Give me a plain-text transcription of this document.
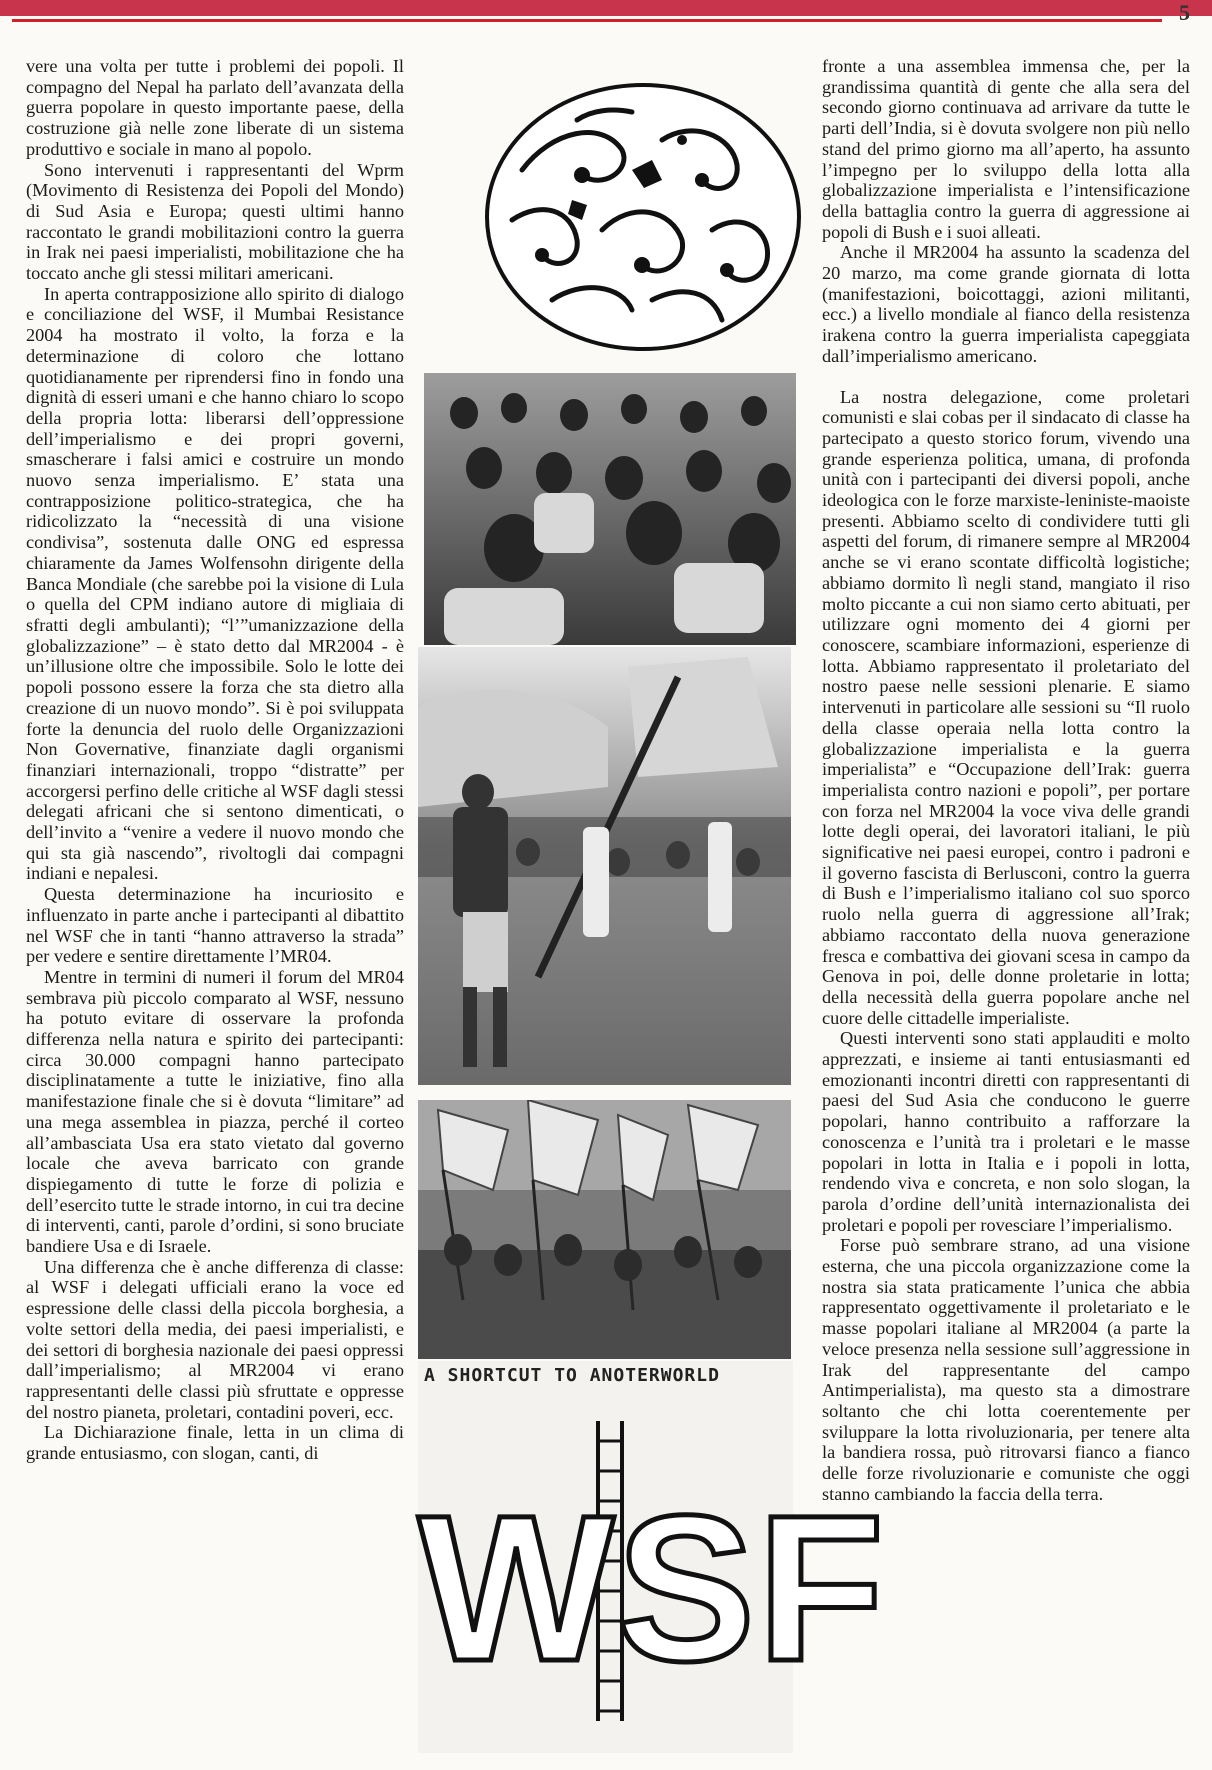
5

vere una volta per tutte i problemi dei popoli. Il compagno del Nepal ha parlato dell’avanzata della guerra popolare in questo importante paese, della costruzione già nelle zone liberate di un sistema produttivo e sociale in mano al popolo.

Sono intervenuti i rappresentanti del Wprm (Movimento di Resistenza dei Popoli del Mondo) di Sud Asia e Europa; questi ultimi hanno raccontato le grandi mobilitazioni contro la guerra in Irak nei paesi imperialisti, mobilitazione che ha toccato anche gli stessi militari americani.

In aperta contrapposizione allo spirito di dialogo e conciliazione del WSF, il Mumbai Resistance 2004 ha mostrato il volto, la forza e la determinazione di coloro che lottano quotidianamente per riprendersi fino in fondo una dignità di esseri umani e che hanno chiaro lo scopo della propria lotta: liberarsi dell’oppressione dell’imperialismo e dei propri governi, smascherare i falsi amici e costruire un mondo nuovo senza imperialismo. E’ stata una contrapposizione politico-strategica, che ha ridicolizzato la “necessità di una visione condivisa”, sostenuta dalle ONG ed espressa chiaramente da James Wolfensohn dirigente della Banca Mondiale (che sarebbe poi la visione di Lula o quella del CPM indiano autore di migliaia di sfratti degli ambulanti); “l’”umanizzazione della globalizzazione” – è stato detto dal MR2004 - è un’illusione oltre che impossibile. Solo le lotte dei popoli possono essere la forza che sta dietro alla creazione di un nuovo mondo”. Si è poi sviluppata forte la denuncia del ruolo delle Organizzazioni Non Governative, finanziate dagli organismi finanziari internazionali, troppo “distratte” per accorgersi perfino delle critiche al WSF dagli stessi delegati africani che si sentono dimenticati, o dell’invito a “venire a vedere il nuovo mondo che qui sta già nascendo”, rivoltogli dai compagni indiani e nepalesi.

Questa determinazione ha incuriosito e influenzato in parte anche i partecipanti al dibattito nel WSF che in tanti “hanno attraverso la strada” per vedere e sentire direttamente l’MR04.

Mentre in termini di numeri il forum del MR04 sembrava più piccolo comparato al WSF, nessuno ha potuto evitare di osservare la profonda differenza nella natura e spirito dei partecipanti: circa 30.000 compagni hanno partecipato disciplinatamente a tutte le iniziative, fino alla manifestazione finale che si è dovuta “limitare” ad una mega assemblea in piazza, perché il corteo all’ambasciata Usa era stato vietato dal governo locale che aveva barricato con grande dispiegamento di tutte le forze di polizia e dell’esercito tutte le strade intorno, in cui tra decine di interventi, canti, parole d’ordini, si sono bruciate bandiere Usa e di Israele.

Una differenza che è anche differenza di classe: al WSF i delegati ufficiali erano la voce ed espressione delle classi della piccola borghesia, a volte settori della media, dei paesi imperialisti, e dei settori di borghesia nazionale dei paesi oppressi dall’imperialismo; al MR2004 vi erano rappresentanti delle classi più sfruttate e oppresse del nostro pianeta, proletari, contadini poveri, ecc.

La Dichiarazione finale, letta in un clima di grande entusiasmo, con slogan, canti, di

A SHORTCUT TO ANOTERWORLD
WSF

fronte a una assemblea immensa che, per la grandissima quantità di gente che alla sera del secondo giorno continuava ad arrivare da tutte le parti dell’India, si è dovuta svolgere non più nello stand del primo giorno ma all’aperto, ha assunto l’impegno per lo sviluppo della lotta alla globalizzazione imperialista e l’intensificazione della battaglia contro la guerra di aggressione ai popoli di Bush e i suoi alleati.

Anche il MR2004 ha assunto la scadenza del 20 marzo, ma come grande giornata di lotta (manifestazioni, boicottaggi, azioni militanti, ecc.) a livello mondiale al fianco della resistenza irakena contro la guerra imperialista capeggiata dall’imperialismo americano.

La nostra delegazione, come proletari comunisti e slai cobas per il sindacato di classe ha partecipato a questo storico forum, vivendo una grande esperienza politica, umana, di profonda unità con i partecipanti dei diversi popoli, anche ideologica con le forze marxiste-leniniste-maoiste presenti. Abbiamo scelto di condividere tutti gli aspetti del forum, di rimanere sempre al MR2004 anche se vi erano scontate difficoltà logistiche; abbiamo dormito lì negli stand, mangiato il riso molto piccante a cui non siamo certo abituati, per utilizzare ogni momento dei 4 giorni per conoscere, scambiare informazioni, esperienze di lotta. Abbiamo rappresentato il proletariato del nostro paese nelle sessioni plenarie. E siamo intervenuti in particolare alle sessioni su “Il ruolo della classe operaia nella lotta contro la globalizzazione imperialista e la guerra imperialista” e “Occupazione dell’Irak: guerra imperialista contro nazioni e popoli”, per portare con forza nel MR2004 la voce viva delle grandi lotte degli operai, dei lavoratori italiani, le più significative nei paesi europei, contro i padroni e il governo fascista di Berlusconi, contro la guerra di Bush e l’imperialismo italiano col suo sporco ruolo nella guerra di aggressione all’Irak; abbiamo raccontato della nuova generazione fresca e combattiva dei giovani scesa in campo da Genova in poi, delle donne proletarie in lotta; della necessità della guerra popolare anche nel cuore delle cittadelle imperialiste.

Questi interventi sono stati applauditi e molto apprezzati, e insieme ai tanti entusiasmanti ed emozionanti incontri diretti con rappresentanti di paesi del Sud Asia che conducono le guerre popolari, hanno contribuito a rafforzare la conoscenza e l’unità tra i proletari e le masse popolari in lotta in Italia e i popoli in lotta, rendendo viva e concreta, e non solo slogan, la parola d’ordine dell’unità internazionalista dei proletari e popoli per rovesciare l’imperialismo.

Forse può sembrare strano, ad una visione esterna, che una piccola organizzazione come la nostra sia stata praticamente l’unica che abbia rappresentato oggettivamente il proletariato e le masse popolari italiane al MR2004 (a parte la veloce presenza nella sessione sull’aggressione in Irak del rappresentante del campo Antimperialista), ma questo sta a dimostrare soltanto che chi lotta coerentemente per sviluppare la lotta rivoluzionaria, per tenere alta la bandiera rossa, può ritrovarsi fianco a fianco delle forze rivoluzionarie e comuniste che oggi stanno cambiando la faccia della terra.
